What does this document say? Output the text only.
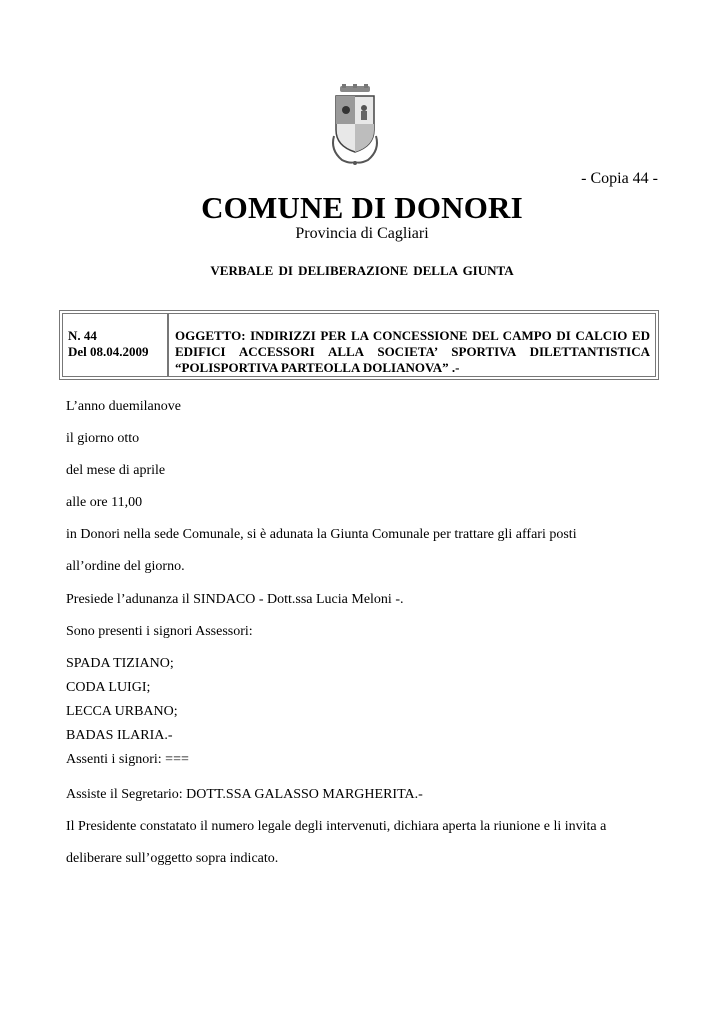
- Copia 44 -
COMUNE DI DONORI
Provincia di Cagliari
VERBALE DI DELIBERAZIONE DELLA GIUNTA
N. 44
Del 08.04.2009
OGGETTO: INDIRIZZI PER LA CONCESSIONE DEL CAMPO DI CALCIO ED EDIFICI ACCESSORI ALLA SOCIETA’ SPORTIVA DILETTANTISTICA “POLISPORTIVA PARTEOLLA DOLIANOVA” .-
L’anno duemilanove
il giorno otto
del mese di aprile
alle ore 11,00
in Donori nella sede Comunale, si è adunata la Giunta Comunale per trattare gli affari posti
all’ordine del giorno.
Presiede l’adunanza il SINDACO - Dott.ssa Lucia Meloni -.
Sono presenti i signori Assessori:
SPADA TIZIANO;
CODA LUIGI;
LECCA URBANO;
BADAS ILARIA.-
Assenti i signori: ===
Assiste il Segretario: DOTT.SSA GALASSO MARGHERITA.-
Il Presidente constatato il numero legale degli intervenuti, dichiara aperta la riunione e li invita a
deliberare sull’oggetto sopra indicato.
